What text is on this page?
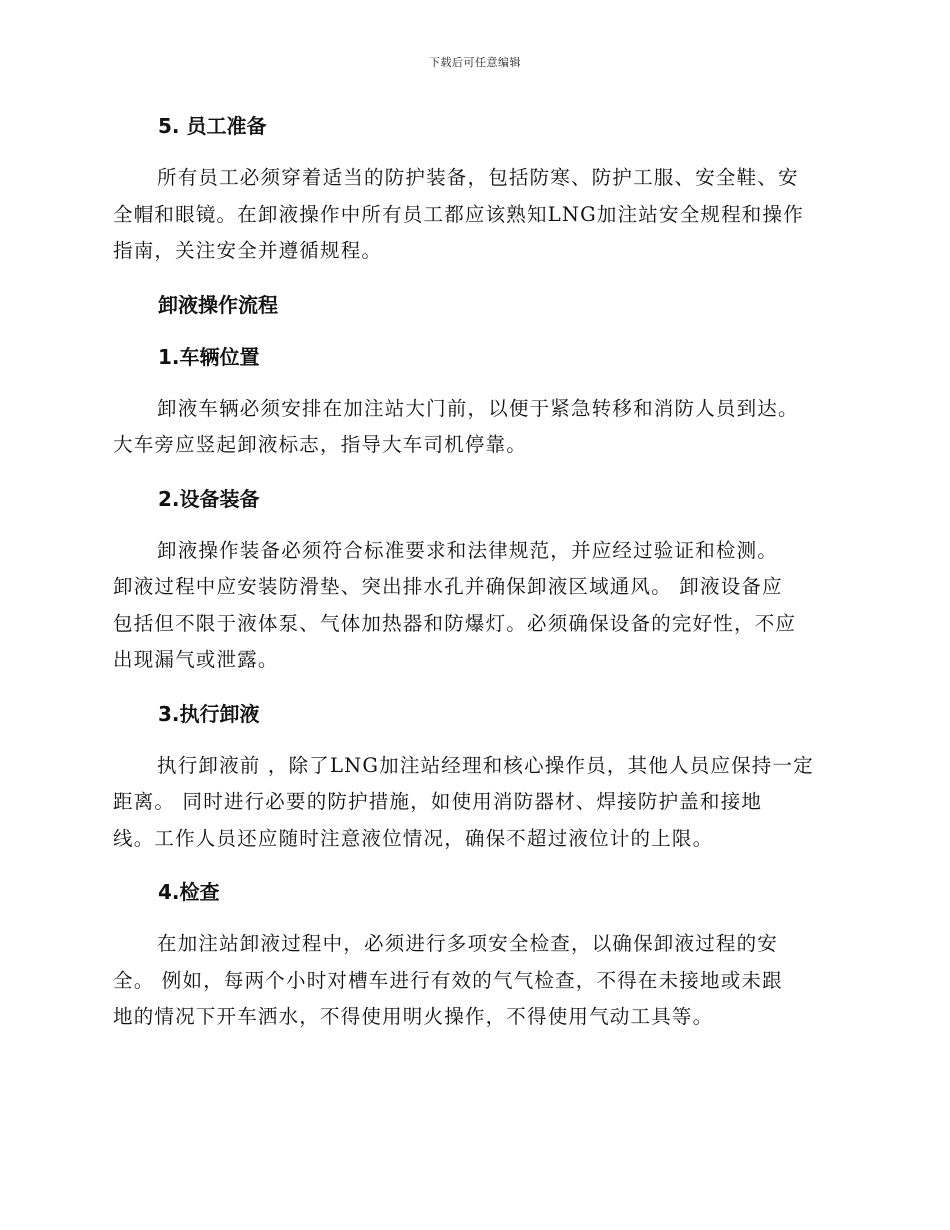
下载后可任意编辑
5. 员工准备
所有员工必须穿着适当的防护装备，包括防寒、防护工服、安全鞋、安
全帽和眼镜。在卸液操作中所有员工都应该熟知LNG加注站安全规程和操作
指南，关注安全并遵循规程。
卸液操作流程
1.车辆位置
卸液车辆必须安排在加注站大门前，以便于紧急转移和消防人员到达。
大车旁应竖起卸液标志，指导大车司机停靠。
2.设备装备
卸液操作装备必须符合标准要求和法律规范，并应经过验证和检测。
卸液过程中应安装防滑垫、突出排水孔并确保卸液区域通风。 卸液设备应
包括但不限于液体泵、气体加热器和防爆灯。必须确保设备的完好性，不应
出现漏气或泄露。
3.执行卸液
执行卸液前 ，除了LNG加注站经理和核心操作员，其他人员应保持一定
距离。 同时进行必要的防护措施，如使用消防器材、焊接防护盖和接地
线。工作人员还应随时注意液位情况，确保不超过液位计的上限。
4.检查
在加注站卸液过程中，必须进行多项安全检查，以确保卸液过程的安
全。 例如，每两个小时对槽车进行有效的气气检查，不得在未接地或未跟
地的情况下开车洒水，不得使用明火操作，不得使用气动工具等。
